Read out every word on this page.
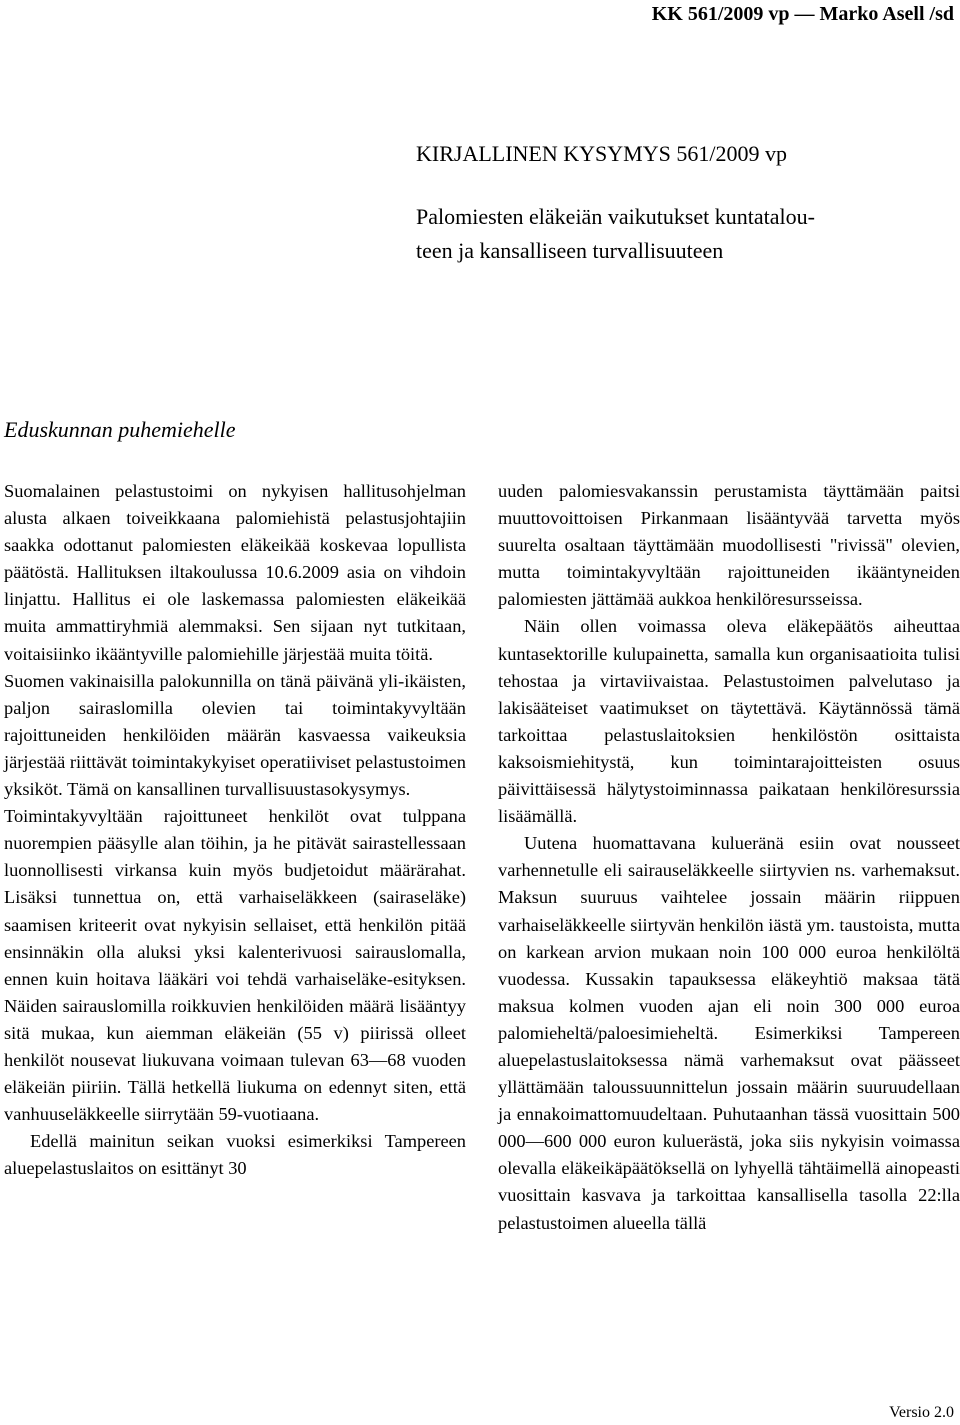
KK 561/2009 vp — Marko Asell /sd
KIRJALLINEN KYSYMYS 561/2009 vp
Palomiesten eläkeiän vaikutukset kuntatalou-
teen ja kansalliseen turvallisuuteen
Eduskunnan puhemiehelle

Suomalainen pelastustoimi on nykyisen hallitusohjelman alusta alkaen toiveikkaana palomiehistä pelastusjohtajiin saakka odottanut palomiesten eläkeikää koskevaa lopullista päätöstä. Hallituksen iltakoulussa 10.6.2009 asia on vihdoin linjattu. Hallitus ei ole laskemassa palomiesten eläkeikää muita ammattiryhmiä alemmaksi. Sen sijaan nyt tutkitaan, voitaisiinko ikääntyville palomiehille järjestää muita töitä.

Suomen vakinaisilla palokunnilla on tänä päivänä yli-ikäisten, paljon sairaslomilla olevien tai toimintakyvyltään rajoittuneiden henkilöiden määrän kasvaessa vaikeuksia järjestää riittävät toimintakykyiset operatiiviset pelastustoimen yksiköt. Tämä on kansallinen turvallisuustasokysymys.

Toimintakyvyltään rajoittuneet henkilöt ovat tulppana nuorempien pääsylle alan töihin, ja he pitävät sairastellessaan luonnollisesti virkansa kuin myös budjetoidut määrärahat. Lisäksi tunnettua on, että varhaiseläkkeen (sairaseläke) saamisen kriteerit ovat nykyisin sellaiset, että henkilön pitää ensinnäkin olla aluksi yksi kalenterivuosi sairauslomalla, ennen kuin hoitava lääkäri voi tehdä varhaiseläke-esityksen. Näiden sairauslomilla roikkuvien henkilöiden määrä lisääntyy sitä mukaa, kun aiemman eläkeiän (55 v) piirissä olleet henkilöt nousevat liukuvana voimaan tulevan 63—68 vuoden eläkeiän piiriin. Tällä hetkellä liukuma on edennyt siten, että vanhuuseläkkeelle siirrytään 59-vuotiaana.

Edellä mainitun seikan vuoksi esimerkiksi Tampereen aluepelastuslaitos on esittänyt 30

uuden palomiesvakanssin perustamista täyttämään paitsi muuttovoittoisen Pirkanmaan lisääntyvää tarvetta myös suurelta osaltaan täyttämään muodollisesti "rivissä" olevien, mutta toimintakyvyltään rajoittuneiden ikääntyneiden palomiesten jättämää aukkoa henkilöresursseissa.

Näin ollen voimassa oleva eläkepäätös aiheuttaa kuntasektorille kulupainetta, samalla kun organisaatioita tulisi tehostaa ja virtaviivaistaa. Pelastustoimen palvelutaso ja lakisääteiset vaatimukset on täytettävä. Käytännössä tämä tarkoittaa pelastuslaitoksien henkilöstön osittaista kaksoismiehitystä, kun toimintarajoitteisten osuus päivittäisessä hälytystoiminnassa paikataan henkilöresurssia lisäämällä.

Uutena huomattavana kulueränä esiin ovat nousseet varhennetulle eli sairauseläkkeelle siirtyvien ns. varhemaksut. Maksun suuruus vaihtelee jossain määrin riippuen varhaiseläkkeelle siirtyvän henkilön iästä ym. taustoista, mutta on karkean arvion mukaan noin 100 000 euroa henkilöltä vuodessa. Kussakin tapauksessa eläkeyhtiö maksaa tätä maksua kolmen vuoden ajan eli noin 300 000 euroa palomieheltä/paloesimieheltä. Esimerkiksi Tampereen aluepelastuslaitoksessa nämä varhemaksut ovat päässeet yllättämään taloussuunnittelun jossain määrin suuruudellaan ja ennakoimattomuudeltaan. Puhutaanhan tässä vuosittain 500 000—600 000 euron kuluerästä, joka siis nykyisin voimassa olevalla eläkeikäpäätöksellä on lyhyellä tähtäimellä ainopeasti vuosittain kasvava ja tarkoittaa kansallisella tasolla 22:lla pelastustoimen alueella tällä

Versio 2.0
